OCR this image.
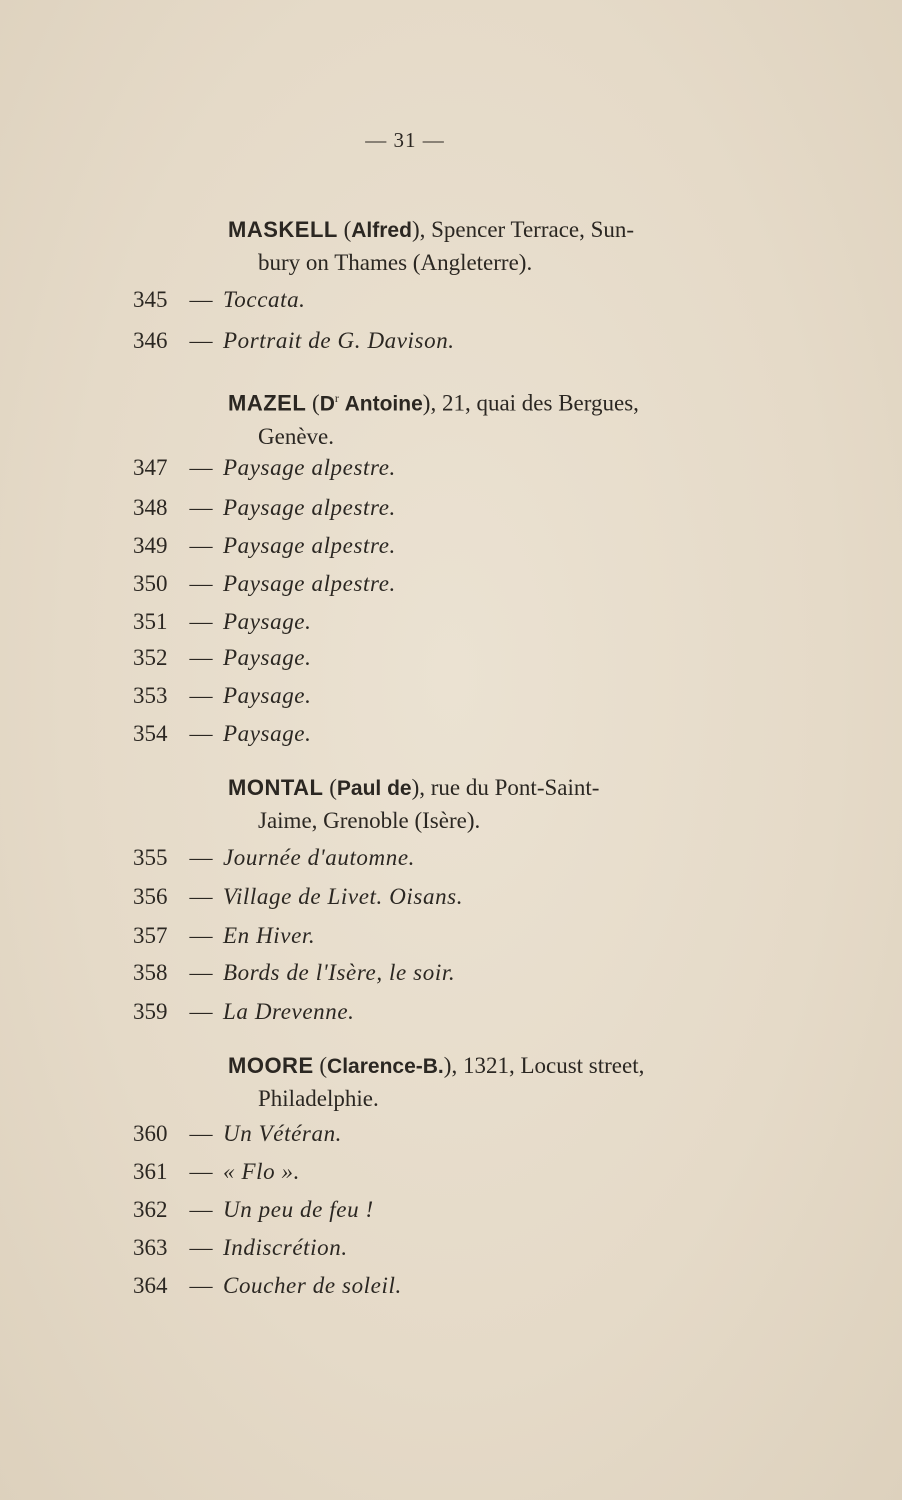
— 31 —
MASKELL (Alfred), Spencer Terrace, Sun-
bury on Thames (Angleterre).
345 — Toccata.
346 — Portrait de G. Davison.
MAZEL ($D^r$ Antoine), 21, quai des Bergues,
Genève.
347 — Paysage alpestre.
348 — Paysage alpestre.
349 — Paysage alpestre.
350 — Paysage alpestre.
351 — Paysage.
352 — Paysage.
353 — Paysage.
354 — Paysage.
MONTAL (Paul de), rue du Pont-Saint-
Jaime, Grenoble (Isère).
355 — Journée d'automne.
356 — Village de Livet. Oisans.
357 — En Hiver.
358 — Bords de l'Isère, le soir.
359 — La Drevenne.
MOORE (Clarence-B.), 1321, Locust street,
Philadelphie.
360 — Un Vétéran.
361 — « Flo ».
362 — Un peu de feu !
363 — Indiscrétion.
364 — Coucher de soleil.
